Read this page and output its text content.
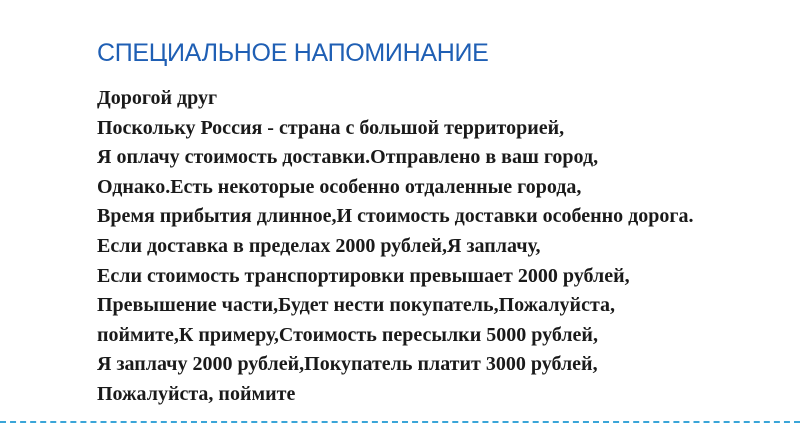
СПЕЦИАЛЬНОЕ НАПОМИНАНИЕ
Дорогой друг
Поскольку Россия - страна с большой территорией,
Я оплачу стоимость доставки.Отправлено в ваш город,
Однако.Есть некоторые особенно отдаленные города,
Время прибытия длинное,И стоимость доставки особенно дорога.
Если доставка в пределах 2000 рублей,Я заплачу,
Если стоимость транспортировки превышает 2000 рублей,
Превышение части,Будет нести покупатель,Пожалуйста,
поймите,К примеру,Стоимость пересылки 5000 рублей,
Я заплачу 2000 рублей,Покупатель платит 3000 рублей,
Пожалуйста, поймите
